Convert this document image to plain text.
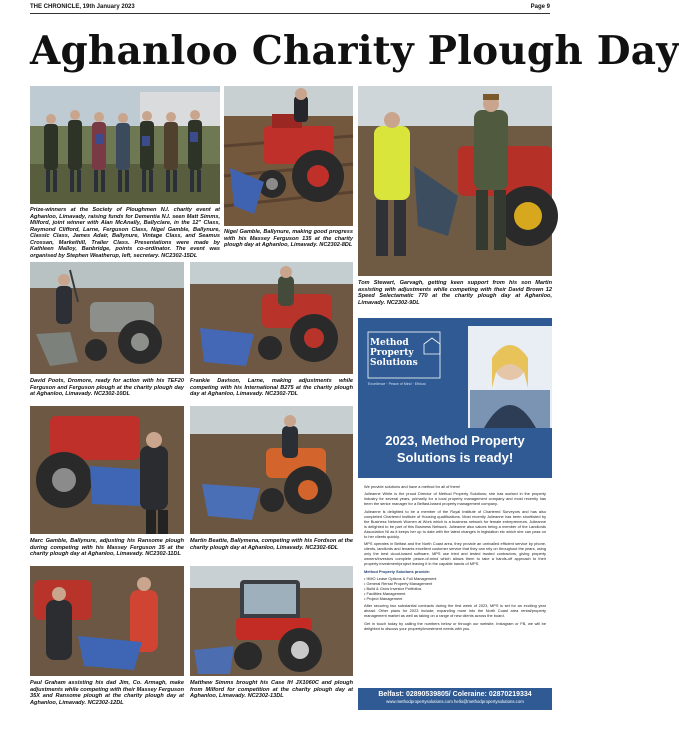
THE CHRONICLE, 19th January 2023	Page 9
Aghanloo Charity Plough Day
Prize-winners at the Society of Ploughmen N.I. charity event at Aghanloo, Limavady, raising funds for Dementia N.I. seen Matt Simms, Milford, joint winner with Alan McAnally, Ballyclare, in the 12" Class, Raymond Clifford, Larne, Ferguson Class, Nigel Gamble, Ballynure, Classic Class, James Adair, Ballynure, Vintage Class, and Seamus Crossan, Markethill, Trailer Class. Presentations were made by Kathleen Malloy, Banbridge, points co-ordinator. The event was organised by Stephen Weatherup, left, secretary. NC2302-15DL
Nigel Gamble, Ballynure, making good progress with his Massey Ferguson 135 at the charity plough day at Aghanloo, Limavady. NC2302-8DL
Tom Stewart, Garvagh, getting keen support from his son Martin assisting with adjustments while competing with their David Brown 12 Speed Selectamatic 770 at the charity plough day at Aghanloo, Limavady. NC2302-9DL
David Poots, Dromore, ready for action with his TEF20 Ferguson and Ferguson plough at the charity plough day at Aghanloo, Limavady. NC2302-10DL
Frankie Davison, Larne, making adjustments while competing with his International B275 at the charity plough day at Aghanloo, Limavady. NC2302-7DL
Marc Gamble, Ballynure, adjusting his Ransome plough during competing with his Massey Ferguson 35 at the charity plough day at Aghanloo, Limavady. NC2302-11DL
Martin Beattie, Ballymena, competing with his Fordson at the charity plough day at Aghanloo, Limavady. NC2302-6DL
Paul Graham assisting his dad Jim, Co. Armagh, make adjustments while competing with their Massey Ferguson 35X and Ransome plough at the charity plough day at Aghanloo, Limavady. NC2302-12DL
Matthew Simms brought his Case IH JX1060C and plough from Milford for competition at the charity plough day at Aghanloo, Limavady. NC2302-13DL
Method
Property
Solutions
Excellence · Peace of Mind · Ethical
2023, Method Property
Solutions is ready!

We provide solutions and have a method for all of them!

Julieanne White is the proud Director of Method Property Solutions; she has worked in the property industry for several years, primarily for a local property management company and most recently has been the senior manager for a Belfast-based property management company.

Julieanne is delighted to be a member of the Royal Institute of Chartered Surveyors and has also completed Chartered Institute of Housing qualifications. Most recently Julieanne has been shortlisted by the Business Network Women at Work which is a business network for female entrepreneurs. Julieanne is delighted to be part of this Business Network. Julieanne also values being a member of the Landlords Association NI as it keeps her up to date with the latest changes in legislation etc which she can pass on to her clients quickly.

MPS operates in Belfast and the North Coast area, they provide an unrivalled efficient service by phone, clients, landlords and tenants excellent customer service that they can rely on throughout the years, using only the best cloud-based software. MPS use tried and tested trusted contractors, giving property owners/investors complete peace-of-mind which allows them to take a hands-off approach to their property investment/project leaving it in the capable hands of MPS.

Method Property Solutions provide:

• HMO Lease Options & Full Management
• General Rental Property Management
• Build & Grow Investor Portfolios
• Facilities Management
• Project Management

After securing two substantial contracts during the first week of 2023, MPS is set for an exciting year ahead. Other plans for 2023 include; expanding more into the North Coast area rental/property management market as well as taking on a range of new clients across the board.

Get in touch today by calling the numbers below or through our website, Instagram or FB, we will be delighted to discuss your property/investment needs with you.

Belfast: 02890539805/ Coleraine: 02870219334
www.methodpropertysolutions.com hello@methodpropertysolutions.com
